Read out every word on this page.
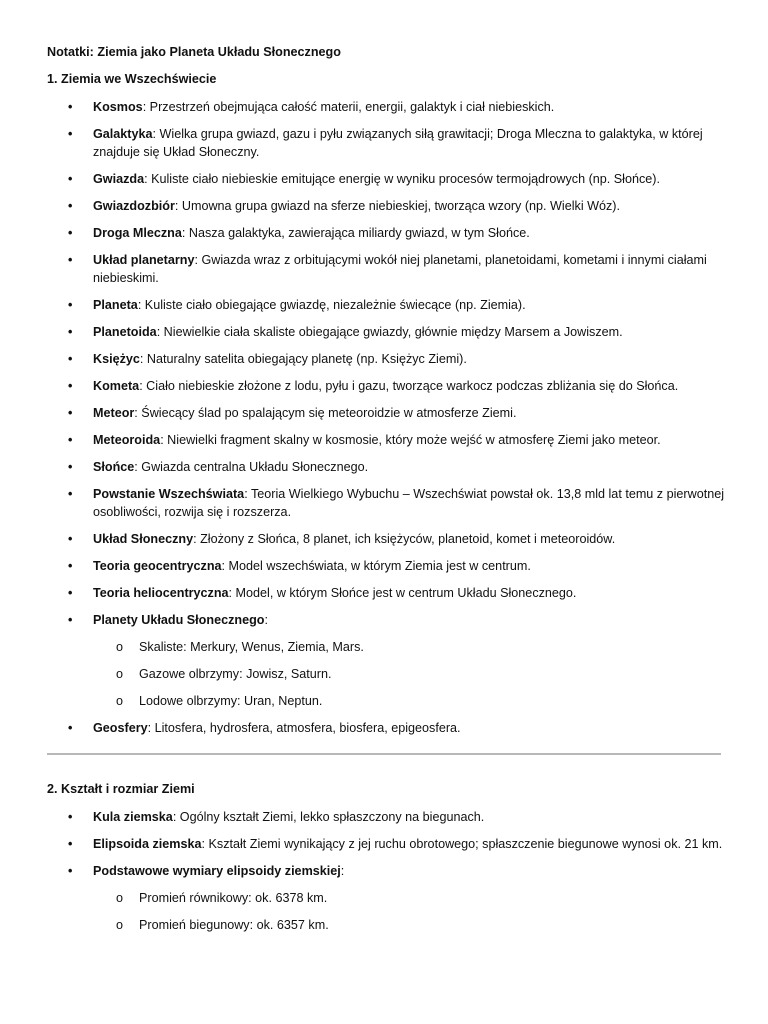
Notatki: Ziemia jako Planeta Układu Słonecznego
1. Ziemia we Wszechświecie
• Kosmos: Przestrzeń obejmująca całość materii, energii, galaktyk i ciał niebieskich.
• Galaktyka: Wielka grupa gwiazd, gazu i pyłu związanych siłą grawitacji; Droga Mleczna to galaktyka, w której znajduje się Układ Słoneczny.
• Gwiazda: Kuliste ciało niebieskie emitujące energię w wyniku procesów termojądrowych (np. Słońce).
• Gwiazdozbiór: Umowna grupa gwiazd na sferze niebieskiej, tworząca wzory (np. Wielki Wóz).
• Droga Mleczna: Nasza galaktyka, zawierająca miliardy gwiazd, w tym Słońce.
• Układ planetarny: Gwiazda wraz z orbitującymi wokół niej planetami, planetoidami, kometami i innymi ciałami niebieskimi.
• Planeta: Kuliste ciało obiegające gwiazdę, niezależnie świecące (np. Ziemia).
• Planetoida: Niewielkie ciała skaliste obiegające gwiazdy, głównie między Marsem a Jowiszem.
• Księżyc: Naturalny satelita obiegający planetę (np. Księżyc Ziemi).
• Kometa: Ciało niebieskie złożone z lodu, pyłu i gazu, tworzące warkocz podczas zbliżania się do Słońca.
• Meteor: Świecący ślad po spalającym się meteoroidzie w atmosferze Ziemi.
• Meteoroida: Niewielki fragment skalny w kosmosie, który może wejść w atmosferę Ziemi jako meteor.
• Słońce: Gwiazda centralna Układu Słonecznego.
• Powstanie Wszechświata: Teoria Wielkiego Wybuchu – Wszechświat powstał ok. 13,8 mld lat temu z pierwotnej osobliwości, rozwija się i rozszerza.
• Układ Słoneczny: Złożony z Słońca, 8 planet, ich księżyców, planetoid, komet i meteoroidów.
• Teoria geocentryczna: Model wszechświata, w którym Ziemia jest w centrum.
• Teoria heliocentryczna: Model, w którym Słońce jest w centrum Układu Słonecznego.
• Planety Układu Słonecznego:
o Skaliste: Merkury, Wenus, Ziemia, Mars.
o Gazowe olbrzymy: Jowisz, Saturn.
o Lodowe olbrzymy: Uran, Neptun.
• Geosfery: Litosfera, hydrosfera, atmosfera, biosfera, epigeosfera.
2. Kształt i rozmiar Ziemi
• Kula ziemska: Ogólny kształt Ziemi, lekko spłaszczony na biegunach.
• Elipsoida ziemska: Kształt Ziemi wynikający z jej ruchu obrotowego; spłaszczenie biegunowe wynosi ok. 21 km.
• Podstawowe wymiary elipsoidy ziemskiej:
o Promień równikowy: ok. 6378 km.
o Promień biegunowy: ok. 6357 km.
